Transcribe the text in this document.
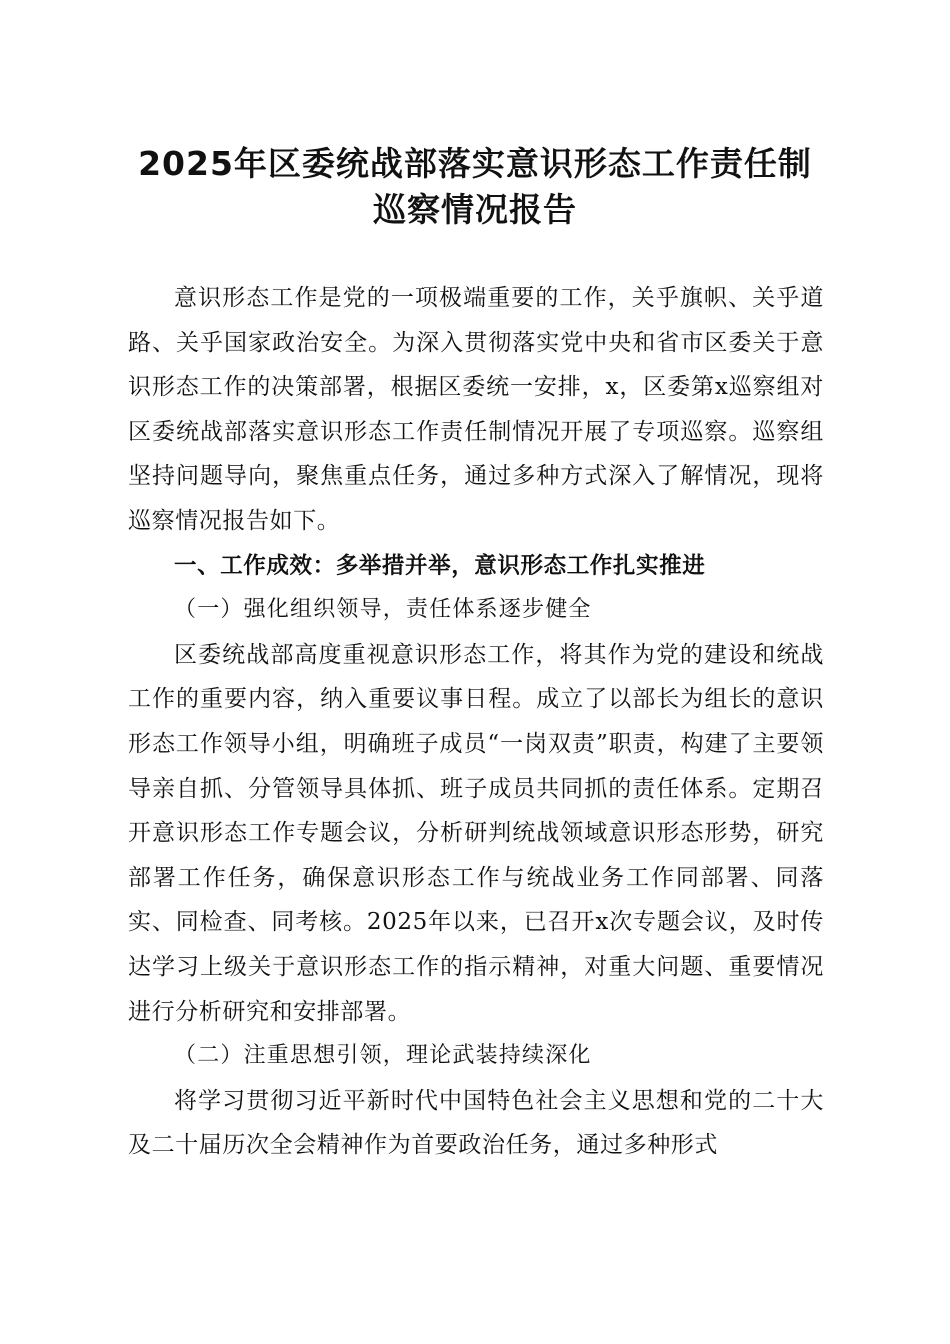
2025年区委统战部落实意识形态工作责任制
巡察情况报告

意识形态工作是党的一项极端重要的工作，关乎旗帜、关乎道路、关乎国家政治安全。为深入贯彻落实党中央和省市区委关于意识形态工作的决策部署，根据区委统一安排，x，区委第x巡察组对区委统战部落实意识形态工作责任制情况开展了专项巡察。巡察组坚持问题导向，聚焦重点任务，通过多种方式深入了解情况，现将巡察情况报告如下。

一、工作成效：多举措并举，意识形态工作扎实推进

（一）强化组织领导，责任体系逐步健全

区委统战部高度重视意识形态工作，将其作为党的建设和统战工作的重要内容，纳入重要议事日程。成立了以部长为组长的意识形态工作领导小组，明确班子成员“一岗双责”职责，构建了主要领导亲自抓、分管领导具体抓、班子成员共同抓的责任体系。定期召开意识形态工作专题会议，分析研判统战领域意识形态形势，研究部署工作任务，确保意识形态工作与统战业务工作同部署、同落实、同检查、同考核。2025年以来，已召开x次专题会议，及时传达学习上级关于意识形态工作的指示精神，对重大问题、重要情况进行分析研究和安排部署。

（二）注重思想引领，理论武装持续深化

将学习贯彻习近平新时代中国特色社会主义思想和党的二十大及二十届历次全会精神作为首要政治任务，通过多种形式
